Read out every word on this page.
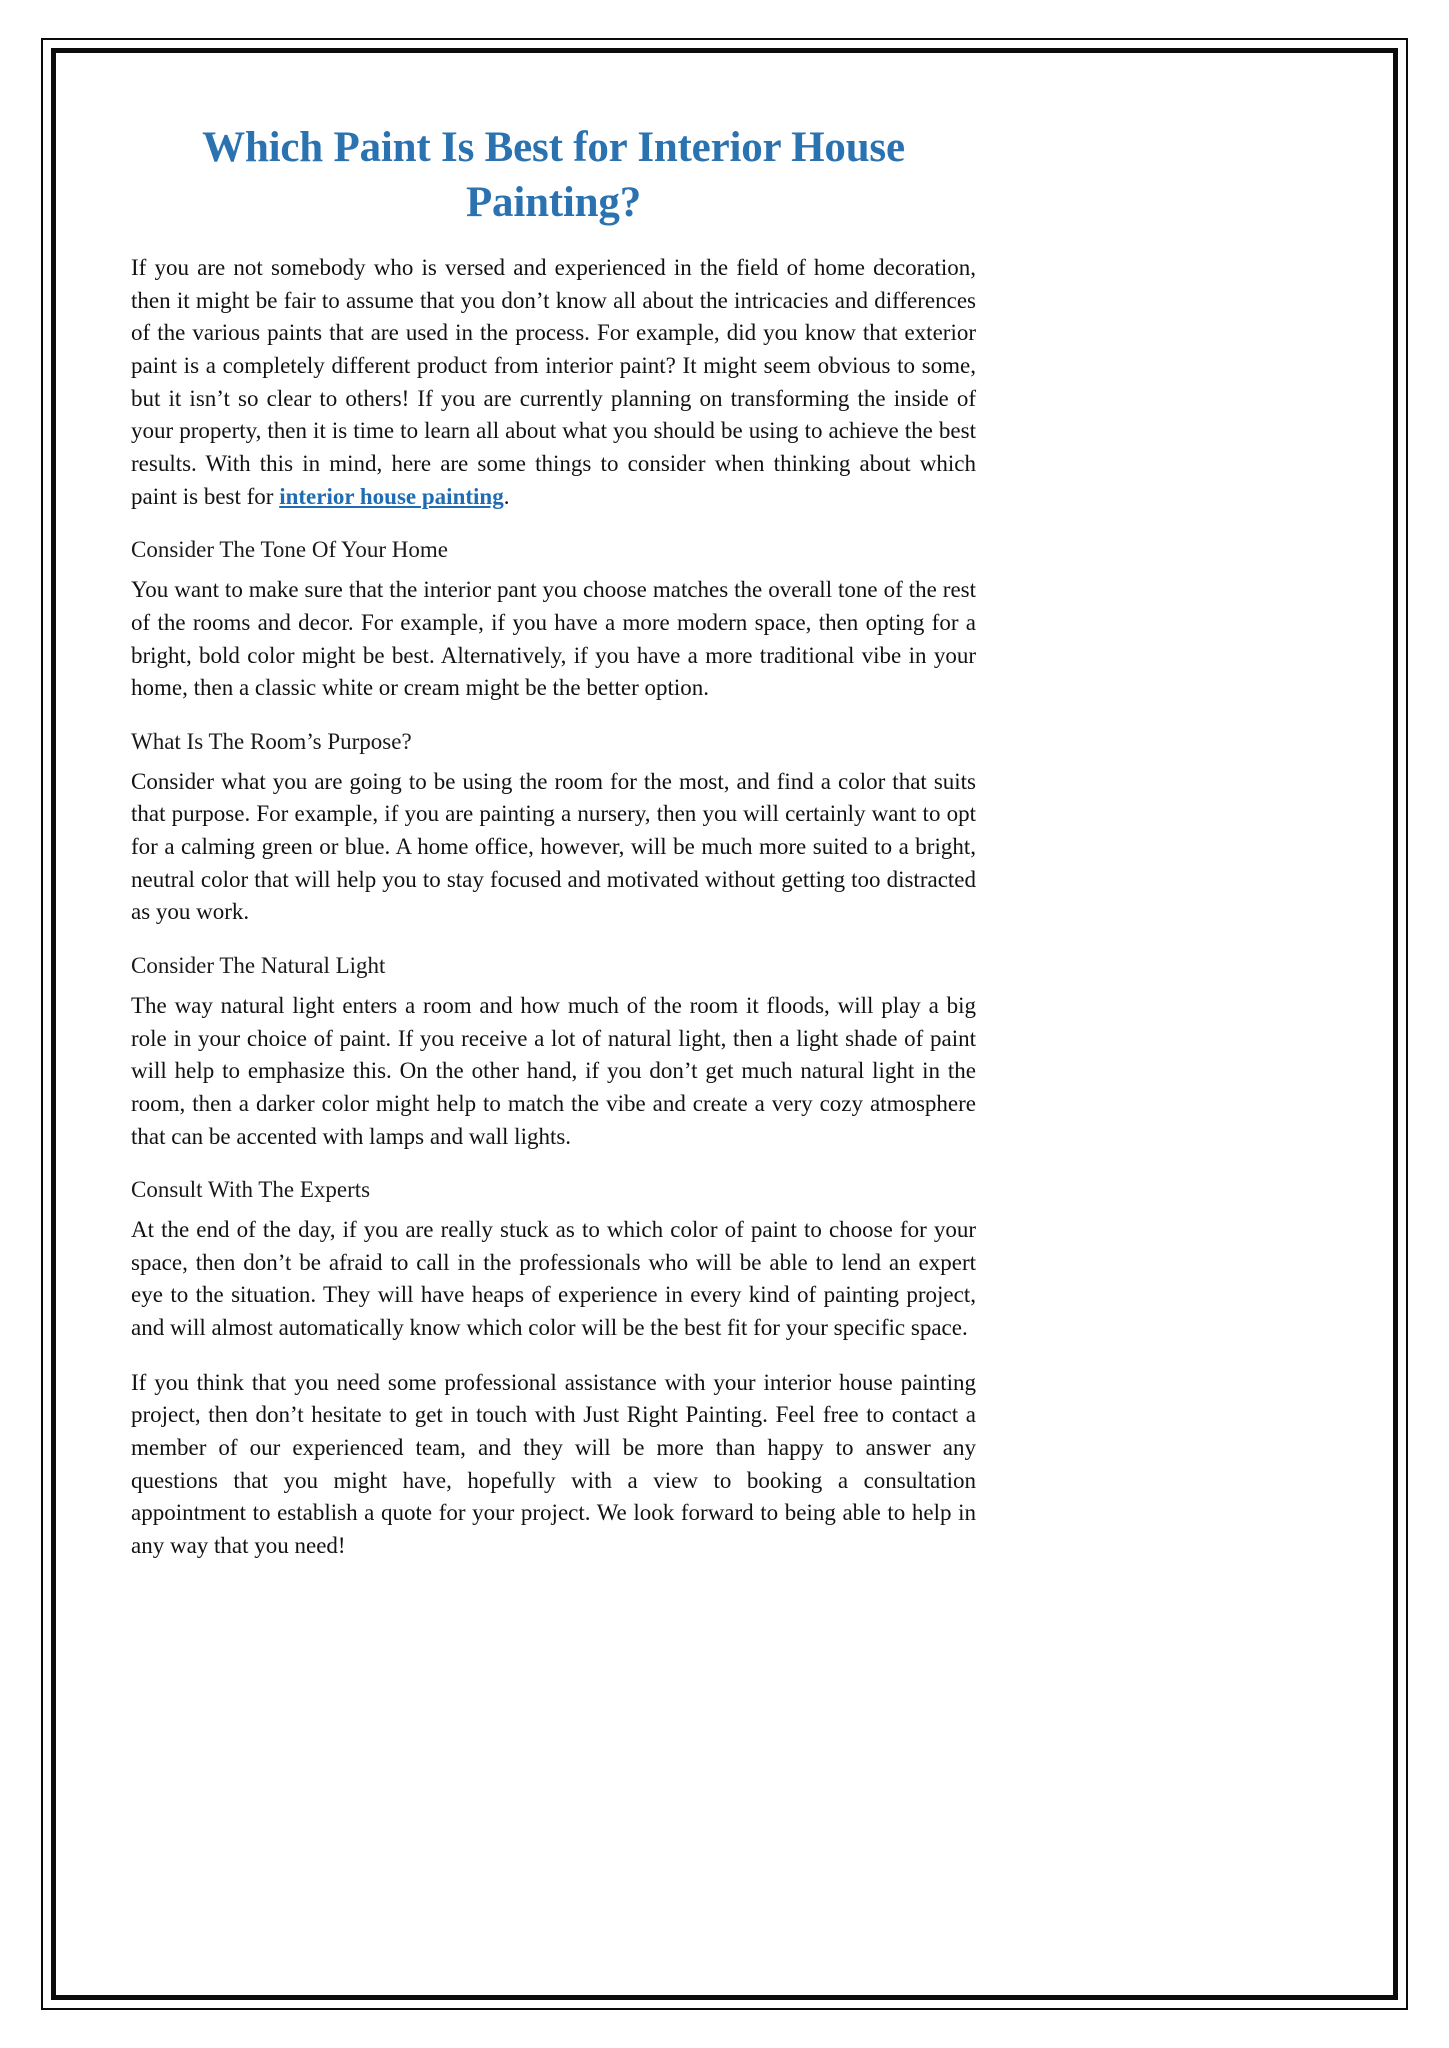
Which Paint Is Best for Interior House Painting?

If you are not somebody who is versed and experienced in the field of home decoration, then it might be fair to assume that you don’t know all about the intricacies and differences of the various paints that are used in the process. For example, did you know that exterior paint is a completely different product from interior paint? It might seem obvious to some, but it isn’t so clear to others! If you are currently planning on transforming the inside of your property, then it is time to learn all about what you should be using to achieve the best results. With this in mind, here are some things to consider when thinking about which paint is best for interior house painting.

Consider The Tone Of Your Home

You want to make sure that the interior pant you choose matches the overall tone of the rest of the rooms and decor. For example, if you have a more modern space, then opting for a bright, bold color might be best. Alternatively, if you have a more traditional vibe in your home, then a classic white or cream might be the better option.

What Is The Room’s Purpose?

Consider what you are going to be using the room for the most, and find a color that suits that purpose. For example, if you are painting a nursery, then you will certainly want to opt for a calming green or blue. A home office, however, will be much more suited to a bright, neutral color that will help you to stay focused and motivated without getting too distracted as you work.

Consider The Natural Light

The way natural light enters a room and how much of the room it floods, will play a big role in your choice of paint. If you receive a lot of natural light, then a light shade of paint will help to emphasize this. On the other hand, if you don’t get much natural light in the room, then a darker color might help to match the vibe and create a very cozy atmosphere that can be accented with lamps and wall lights.

Consult With The Experts

At the end of the day, if you are really stuck as to which color of paint to choose for your space, then don’t be afraid to call in the professionals who will be able to lend an expert eye to the situation. They will have heaps of experience in every kind of painting project, and will almost automatically know which color will be the best fit for your specific space.

If you think that you need some professional assistance with your interior house painting project, then don’t hesitate to get in touch with Just Right Painting. Feel free to contact a member of our experienced team, and they will be more than happy to answer any questions that you might have, hopefully with a view to booking a consultation appointment to establish a quote for your project. We look forward to being able to help in any way that you need!
